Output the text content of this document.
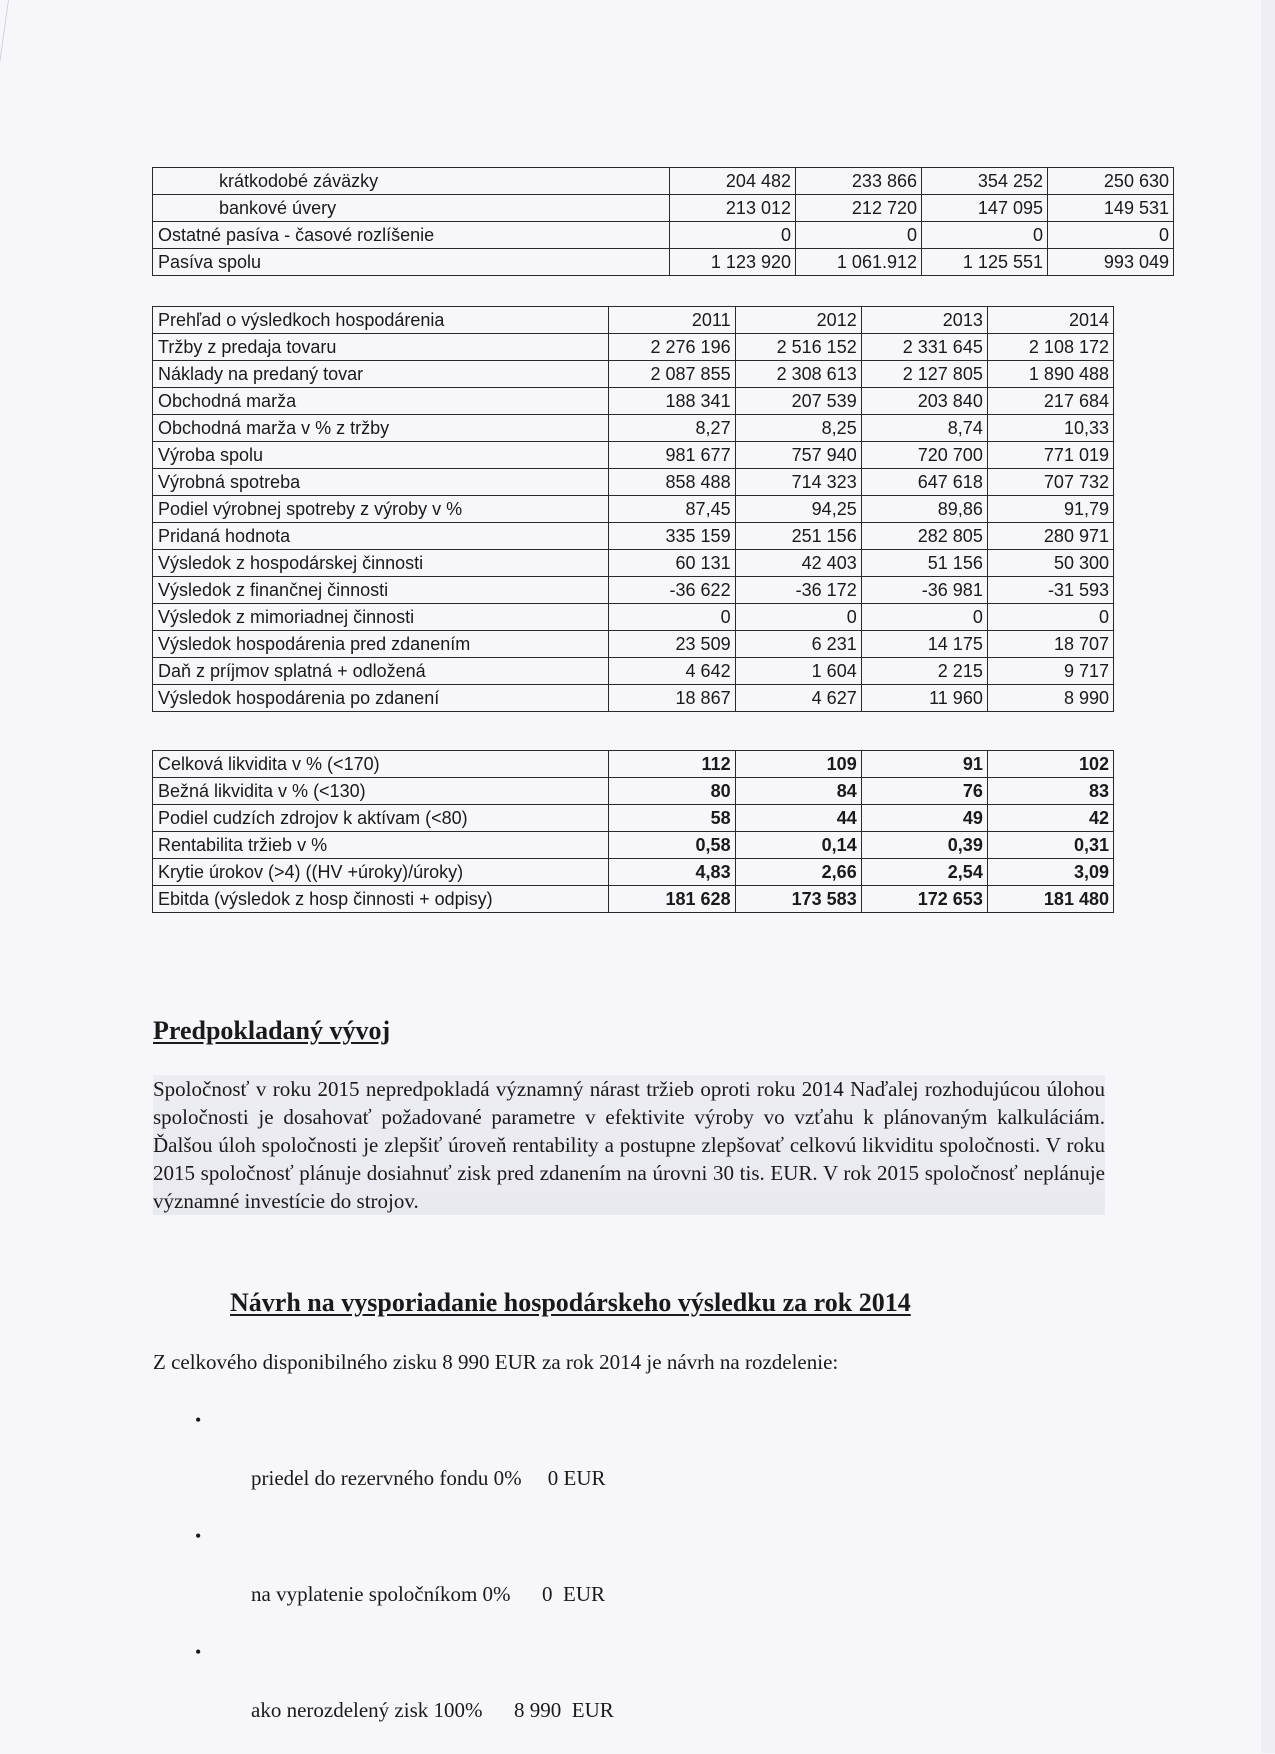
krátkodobé záväzky	204 482	233 866	354 252	250 630
bankové úvery	213 012	212 720	147 095	149 531
Ostatné pasíva - časové rozlíšenie	0	0	0	0
Pasíva spolu	1 123 920	1 061.912	1 125 551	993 049
Prehľad o výsledkoch hospodárenia	2011	2012	2013	2014
Tržby z predaja tovaru	2 276 196	2 516 152	2 331 645	2 108 172
Náklady na predaný tovar	2 087 855	2 308 613	2 127 805	1 890 488
Obchodná marža	188 341	207 539	203 840	217 684
Obchodná marža v % z tržby	8,27	8,25	8,74	10,33
Výroba spolu	981 677	757 940	720 700	771 019
Výrobná spotreba	858 488	714 323	647 618	707 732
Podiel výrobnej spotreby z výroby v %	87,45	94,25	89,86	91,79
Pridaná hodnota	335 159	251 156	282 805	280 971
Výsledok z hospodárskej činnosti	60 131	42 403	51 156	50 300
Výsledok z finančnej činnosti	-36 622	-36 172	-36 981	-31 593
Výsledok z mimoriadnej činnosti	0	0	0	0
Výsledok hospodárenia pred zdanením	23 509	6 231	14 175	18 707
Daň z príjmov splatná + odložená	4 642	1 604	2 215	9 717
Výsledok hospodárenia po zdanení	18 867	4 627	11 960	8 990
Celková likvidita v % (<170)	112	109	91	102
Bežná likvidita v % (<130)	80	84	76	83
Podiel cudzích zdrojov k aktívam (<80)	58	44	49	42
Rentabilita tržieb v %	0,58	0,14	0,39	0,31
Krytie úrokov (>4) ((HV +úroky)/úroky)	4,83	2,66	2,54	3,09
Ebitda (výsledok z hosp činnosti + odpisy)	181 628	173 583	172 653	181 480
Predpokladaný vývoj

Spoločnosť v roku 2015 nepredpokladá významný nárast tržieb oproti roku 2014 Naďalej rozhodujúcou úlohou spoločnosti je dosahovať požadované parametre v efektivite výroby vo vzťahu k plánovaným kalkuláciám. Ďalšou úloh spoločnosti je zlepšiť úroveň rentability a postupne zlepšovať celkovú likviditu spoločnosti. V roku 2015 spoločnosť plánuje dosiahnuť zisk pred zdanením na úrovni 30 tis. EUR. V rok 2015 spoločnosť neplánuje významné investície do strojov.

Návrh na vysporiadanie hospodárskeho výsledku za rok 2014

Z celkového disponibilného zisku 8 990 EUR za rok 2014 je návrh na rozdelenie:

•

priedel do rezervného fondu 0%     0 EUR

•

na vyplatenie spoločníkom 0%      0  EUR

•

ako nerozdelený zisk 100%      8 990  EUR
